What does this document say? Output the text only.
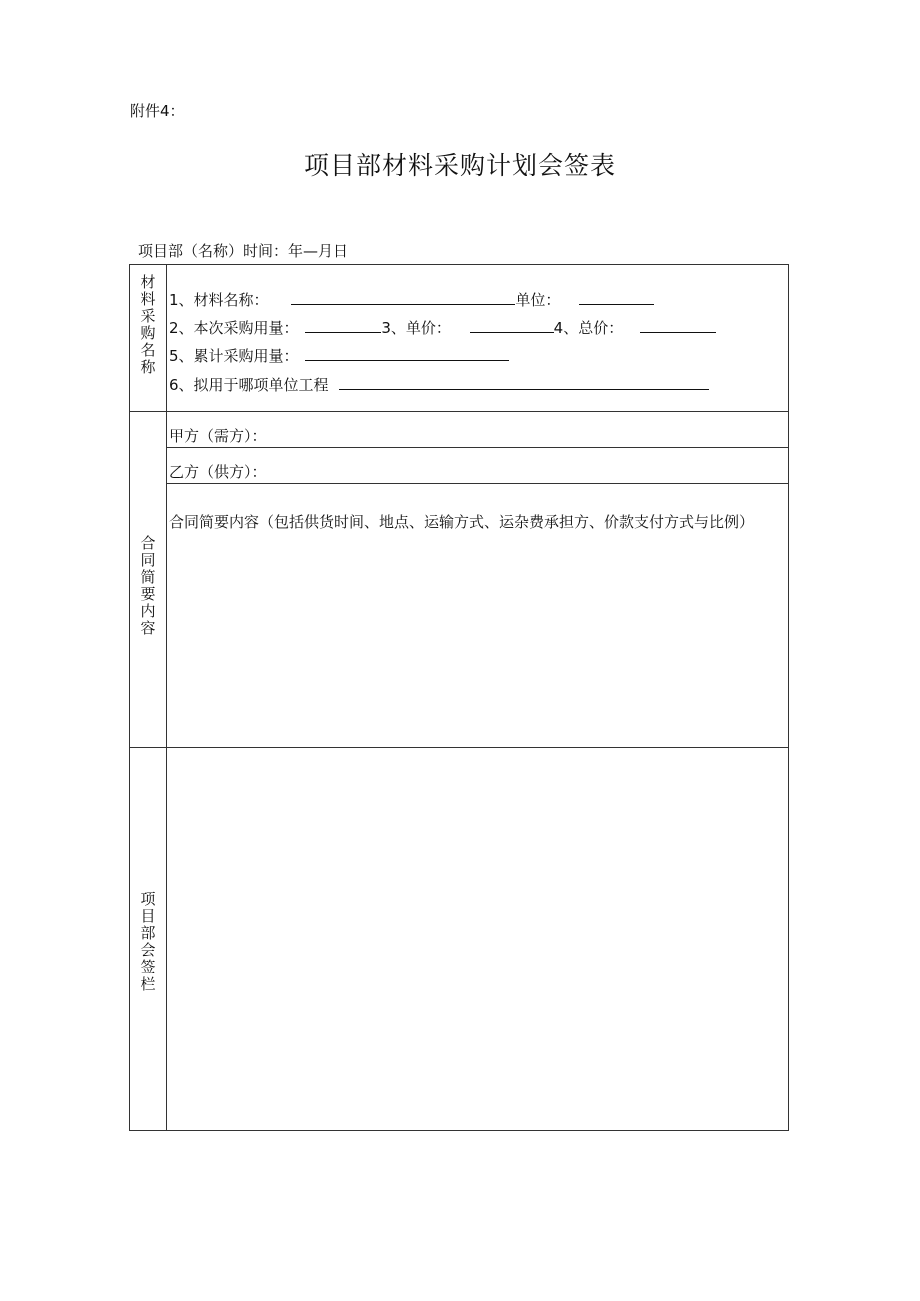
附件4：
项目部材料采购计划会签表
项目部（名称）时间：年—月日
材
料
采
购
名
称
1、材料名称：	单位：
2、本次采购用量：	3、单价：	4、总价：
5、累计采购用量：
6、拟用于哪项单位工程
合
同
简
要
内
容
甲方（需方）：
乙方（供方）：
合同简要内容（包括供货时间、地点、运输方式、运杂费承担方、价款支付方式与比例）
项
目
部
会
签
栏
